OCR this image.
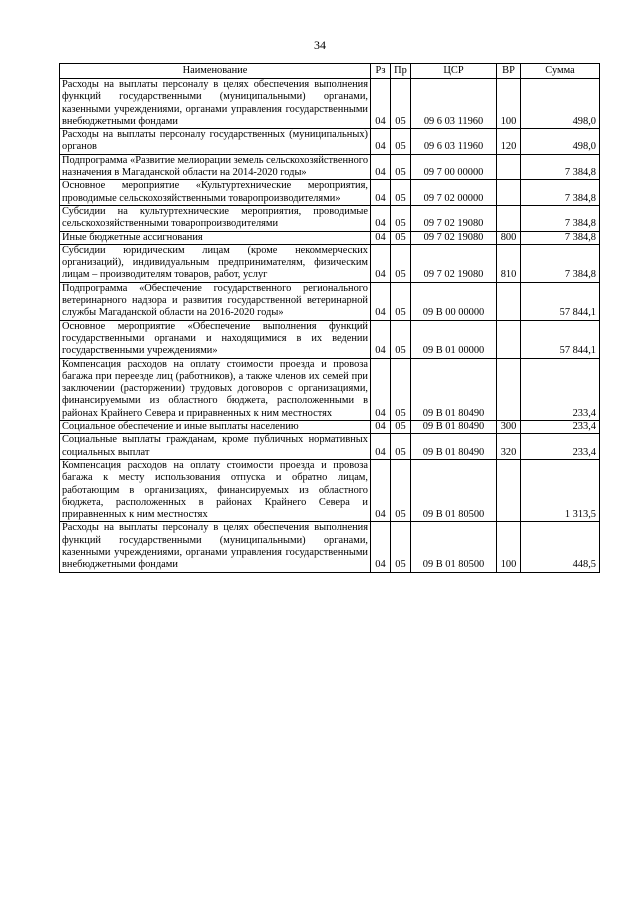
34
Наименование	Рз	Пр	ЦСР	ВР	Сумма
Расходы на выплаты персоналу в целях обеспечения выполнения функций государственными (муниципальными) органами, казенными учреждениями, органами управления государственными внебюджетными фондами	04	05	09 6 03 11960	100	498,0
Расходы на выплаты персоналу государственных (муниципальных) органов	04	05	09 6 03 11960	120	498,0
Подпрограмма «Развитие мелиорации земель сельскохозяйственного назначения в Магаданской области на 2014-2020 годы»	04	05	09 7 00 00000		7 384,8
Основное мероприятие «Культуртехнические мероприятия, проводимые сельскохозяйственными товаропроизводителями»	04	05	09 7 02 00000		7 384,8
Субсидии на культуртехнические мероприятия, проводимые сельскохозяйственными товаропроизводителями	04	05	09 7 02 19080		7 384,8
Иные бюджетные ассигнования	04	05	09 7 02 19080	800	7 384,8
Субсидии юридическим лицам (кроме некоммерческих организаций), индивидуальным предпринимателям, физическим лицам – производителям товаров, работ, услуг	04	05	09 7 02 19080	810	7 384,8
Подпрограмма «Обеспечение государственного регионального ветеринарного надзора и развития государственной ветеринарной службы Магаданской области на 2016-2020 годы»	04	05	09 В 00 00000		57 844,1
Основное мероприятие «Обеспечение выполнения функций государственными органами и находящимися в их ведении государственными учреждениями»	04	05	09 В 01 00000		57 844,1
Компенсация расходов на оплату стоимости проезда и провоза багажа при переезде лиц (работников), а также членов их семей при заключении (расторжении) трудовых договоров с организациями, финансируемыми из областного бюджета, расположенными в районах Крайнего Севера и приравненных к ним местностях	04	05	09 В 01 80490		233,4
Социальное обеспечение и иные выплаты населению	04	05	09 В 01 80490	300	233,4
Социальные выплаты гражданам, кроме публичных нормативных социальных выплат	04	05	09 В 01 80490	320	233,4
Компенсация расходов на оплату стоимости проезда и провоза багажа к месту использования отпуска и обратно лицам, работающим в организациях, финансируемых из областного бюджета, расположенных в районах Крайнего Севера и приравненных к ним местностях	04	05	09 В 01 80500		1 313,5
Расходы на выплаты персоналу в целях обеспечения выполнения функций государственными (муниципальными) органами, казенными учреждениями, органами управления государственными внебюджетными фондами	04	05	09 В 01 80500	100	448,5
